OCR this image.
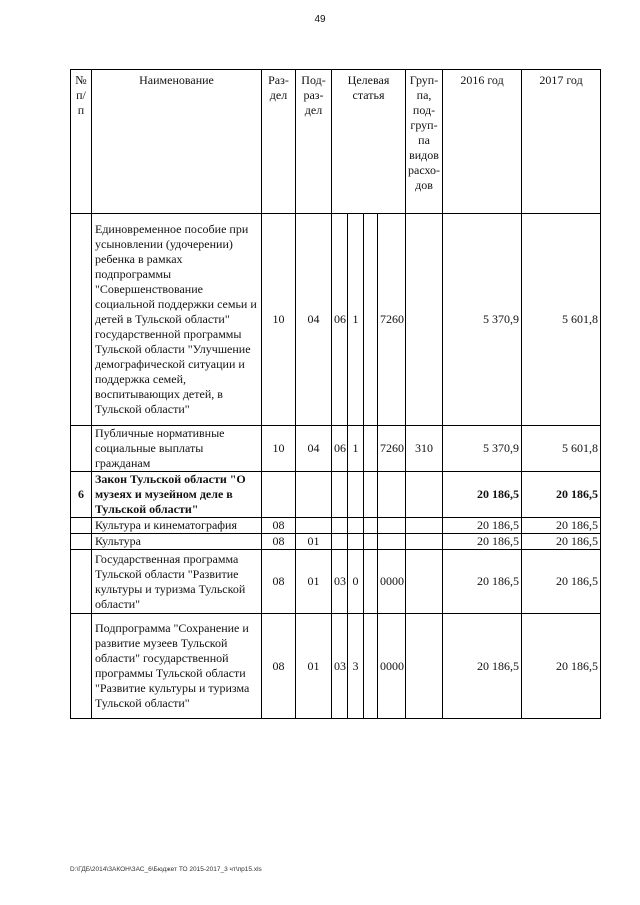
49
№ п/п	Наименование	Раз-дел	Под-раз-дел	Целевая статья				Груп-па, под-груп-па видов расхо-дов	2016 год	2017 год
	Единовременное пособие при усыновлении (удочерении) ребенка в рамках подпрограммы "Совершенствование социальной поддержки семьи и детей в Тульской области" государственной программы Тульской области "Улучшение демографической ситуации и поддержка семей, воспитывающих детей, в Тульской области"	10	04	06	1		7260		5 370,9	5 601,8
	Публичные нормативные социальные выплаты гражданам	10	04	06	1		7260	310	5 370,9	5 601,8
6	Закон Тульской области "О музеях и музейном деле в Тульской области"								20 186,5	20 186,5
	Культура и кинематография	08							20 186,5	20 186,5
	Культура	08	01						20 186,5	20 186,5
	Государственная программа Тульской области "Развитие культуры и туризма Тульской области"	08	01	03	0		0000		20 186,5	20 186,5
	Подпрограмма "Сохранение и развитие музеев Тульской области" государственной программы Тульской области "Развитие культуры и туризма Тульской области"	08	01	03	3		0000		20 186,5	20 186,5
D:\ГДБ\2014\ЗАКОН\ЗАС_6\Бюджет ТО 2015-2017_3 чт\пр15.xls
